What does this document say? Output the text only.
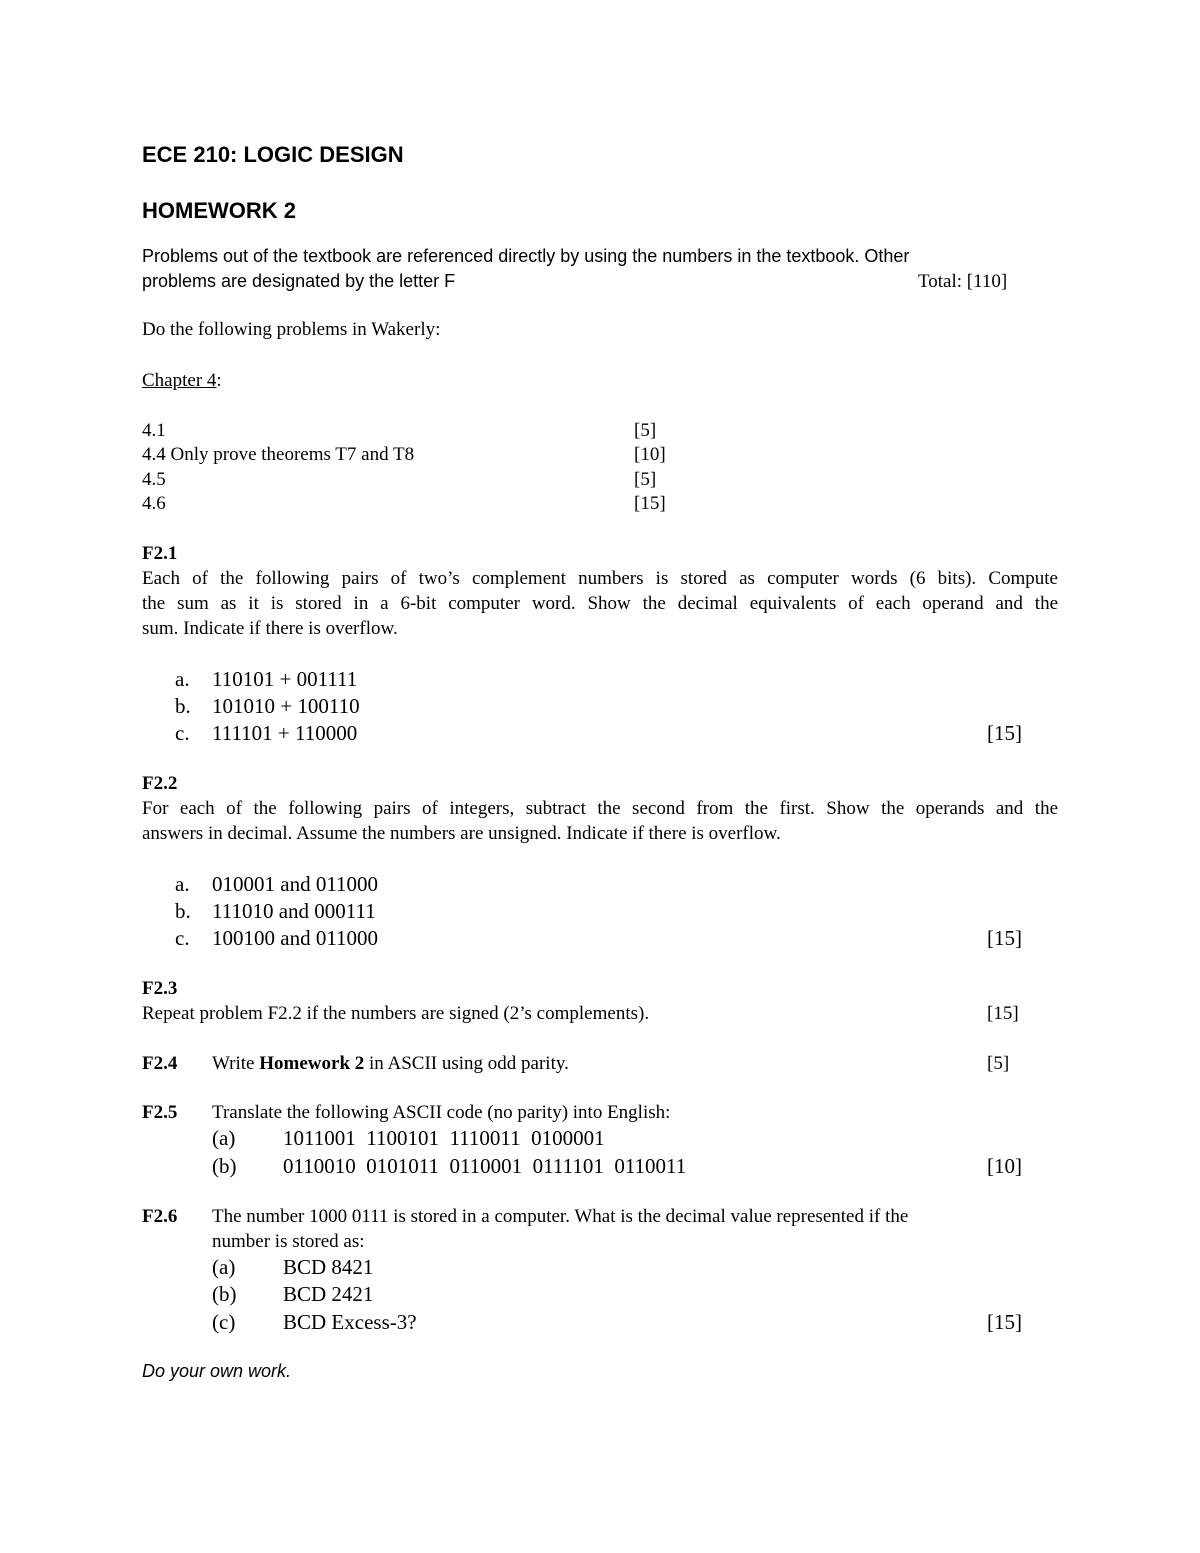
ECE 210: LOGIC DESIGN
HOMEWORK 2
Problems out of the textbook are referenced directly by using the numbers in the textbook. Other
problems are designated by the letter F	Total: [110]
Do the following problems in Wakerly:
Chapter 4:
4.1	[5]
4.4 Only prove theorems T7 and T8	[10]
4.5	[5]
4.6	[15]
F2.1
Each of the following pairs of two’s complement numbers is stored as computer words (6 bits). Compute
the sum as it is stored in a 6-bit computer word. Show the decimal equivalents of each operand and the
sum. Indicate if there is overflow.
a. 110101 + 001111
b. 101010 + 100110
c. 111101 + 110000	[15]
F2.2
For each of the following pairs of integers, subtract the second from the first. Show the operands and the
answers in decimal. Assume the numbers are unsigned. Indicate if there is overflow.
a. 010001 and 011000
b. 111010 and 000111
c. 100100 and 011000	[15]
F2.3
Repeat problem F2.2 if the numbers are signed (2’s complements).	[15]
F2.4 Write Homework 2 in ASCII using odd parity.	[5]
F2.5 Translate the following ASCII code (no parity) into English:
(a) 1011001  1100101  1110011  0100001
(b) 0110010  0101011  0110001  0111101  0110011	[10]
F2.6 The number 1000 0111 is stored in a computer. What is the decimal value represented if the
number is stored as:
(a) BCD 8421
(b) BCD 2421
(c) BCD Excess-3?	[15]
Do your own work.
